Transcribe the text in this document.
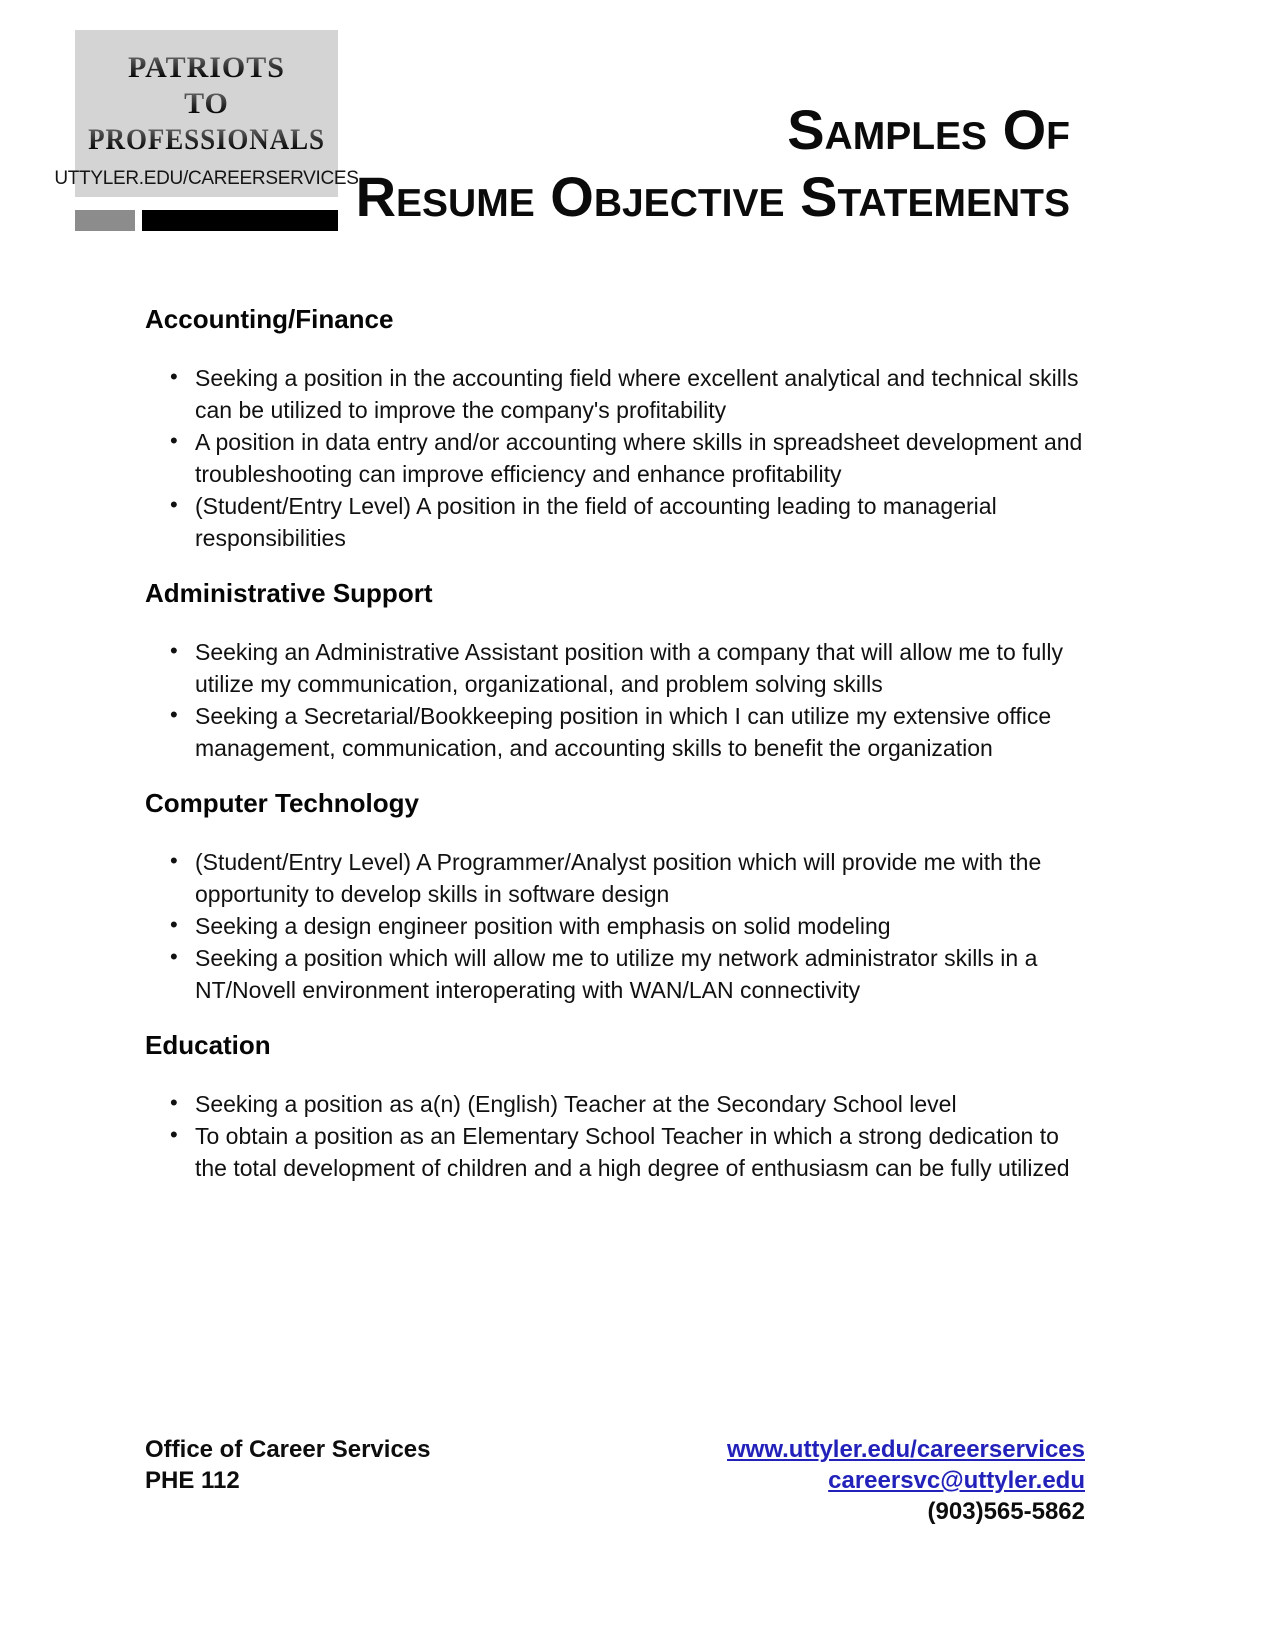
PATRIOTS
TO
PROFESSIONALS
UTTYLER.EDU/CAREERSERVICES
Samples Of
Resume Objective Statements
Accounting/Finance
• Seeking a position in the accounting field where excellent analytical and technical skills can be utilized to improve the company's profitability
• A position in data entry and/or accounting where skills in spreadsheet development and troubleshooting can improve efficiency and enhance profitability
• (Student/Entry Level) A position in the field of accounting leading to managerial responsibilities
Administrative Support
• Seeking an Administrative Assistant position with a company that will allow me to fully utilize my communication, organizational, and problem solving skills
• Seeking a Secretarial/Bookkeeping position in which I can utilize my extensive office management, communication, and accounting skills to benefit the organization
Computer Technology
• (Student/Entry Level) A Programmer/Analyst position which will provide me with the opportunity to develop skills in software design
• Seeking a design engineer position with emphasis on solid modeling
• Seeking a position which will allow me to utilize my network administrator skills in a NT/Novell environment interoperating with WAN/LAN connectivity
Education
• Seeking a position as a(n) (English) Teacher at the Secondary School level
• To obtain a position as an Elementary School Teacher in which a strong dedication to the total development of children and a high degree of enthusiasm can be fully utilized
Office of Career Services
PHE 112
www.uttyler.edu/careerservices
careersvc@uttyler.edu
(903)565-5862
